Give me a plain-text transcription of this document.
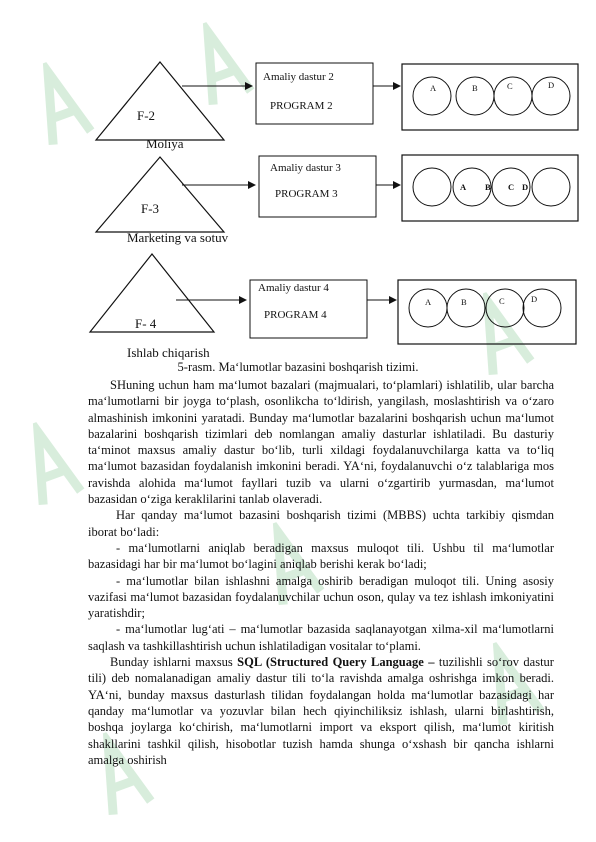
F-2
Moliya
Amaliy dastur 2
PROGRAM 2
A	B	C	D
F-3
Marketing va sotuv
Amaliy dastur 3
PROGRAM 3
A B C D
F- 4
Ishlab chiqarish
Amaliy dastur 4
PROGRAM 4
A	B	C	D
5-rasm. Ma‘lumotlar bazasini boshqarish tizimi.

SHuning uchun ham ma‘lumot bazalari (majmualari, to‘plamlari) ishlatilib, ular barcha ma‘lumotlarni bir joyga to‘plash, osonlikcha to‘ldirish, yangilash, moslashtirish va o‘zaro almashinish imkonini yaratadi. Bunday ma‘lumotlar bazalarini boshqarish uchun ma‘lumot bazalarini boshqarish tizimlari deb nomlangan amaliy dasturlar ishlatiladi. Bu dasturiy ta‘minot maxsus amaliy dastur bo‘lib, turli xildagi foydalanuvchilarga katta va to‘liq ma‘lumot bazasidan foydalanish imkonini beradi. YA‘ni, foydalanuvchi o‘z talablariga mos ravishda alohida ma‘lumot fayllari tuzib va ularni o‘zgartirib yurmasdan, ma‘lumot bazasidan o‘ziga keraklilarini tanlab olaveradi.

Har qanday ma‘lumot bazasini boshqarish tizimi (MBBS) uchta tarkibiy qismdan iborat bo‘ladi:

- ma‘lumotlarni aniqlab beradigan maxsus muloqot tili. Ushbu til ma‘lumotlar bazasidagi har bir ma‘lumot bo‘lagini aniqlab berishi kerak bo‘ladi;

- ma‘lumotlar bilan ishlashni amalga oshirib beradigan muloqot tili. Uning asosiy vazifasi ma‘lumot bazasidan foydalanuvchilar uchun oson, qulay va tez ishlash imkoniyatini yaratishdir;

- ma‘lumotlar lug‘ati – ma‘lumotlar bazasida saqlanayotgan xilma-xil ma‘lumotlarni saqlash va tashkillashtirish uchun ishlatiladigan vositalar to‘plami.

Bunday ishlarni maxsus SQL (Structured Query Language – tuzilishli so‘rov dastur tili) deb nomalanadigan amaliy dastur tili to‘la ravishda amalga oshrishga imkon beradi. YA‘ni, bunday maxsus dasturlash tilidan foydalangan holda ma‘lumotlar bazasidagi har qanday ma‘lumotlar va yozuvlar bilan hech qiyinchiliksiz ishlash, ularni birlashtirish, boshqa joylarga ko‘chirish, ma‘lumotlarni import va eksport qilish, ma‘lumot kiritish shakllarini tashkil qilish, hisobotlar tuzish hamda shunga o‘xshash bir qancha ishlarni amalga oshirish
